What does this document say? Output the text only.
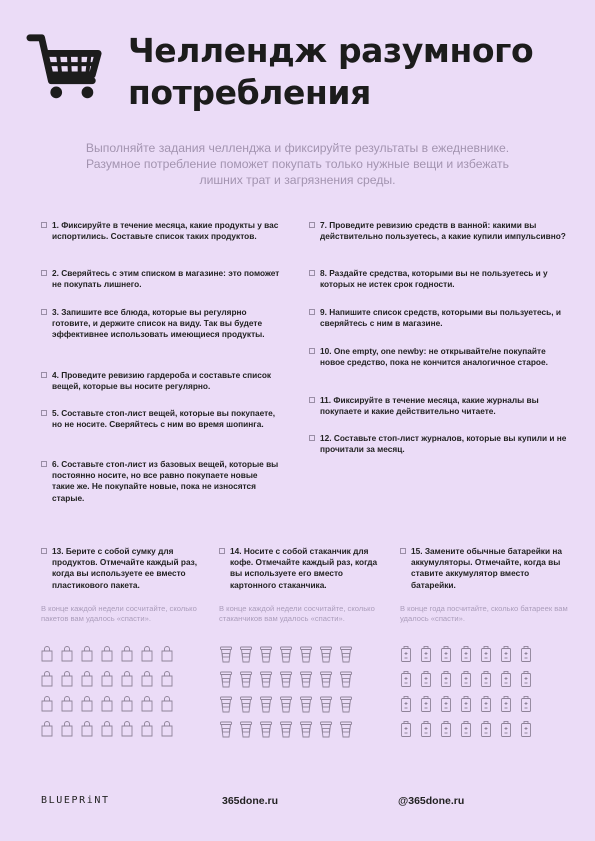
Челлендж разумного
потребления
Выполняйте задания челленджа и фиксируйте результаты в ежедневнике. Разумное потребление поможет покупать только нужные вещи и избежать лишних трат и загрязнения среды.
1. Фиксируйте в течение месяца, какие продукты у вас испортились. Составьте список таких продуктов.
2. Сверяйтесь с этим списком в магазине: это поможет не покупать лишнего.
3. Запишите все блюда, которые вы регулярно готовите, и держите список на виду. Так вы будете эффективнее использовать имеющиеся продукты.
4. Проведите ревизию гардероба и составьте список вещей, которые вы носите регулярно.
5. Составьте стоп-лист вещей, которые вы покупаете, но не носите. Сверяйтесь с ним во время шопинга.
6. Составьте стоп-лист из базовых вещей, которые вы постоянно носите, но все равно покупаете новые такие же. Не покупайте новые, пока не износятся старые.
7. Проведите ревизию средств в ванной: какими вы действительно пользуетесь, а какие купили импульсивно?
8. Раздайте средства, которыми вы не пользуетесь и у которых не истек срок годности.
9. Напишите список средств, которыми вы пользуетесь, и сверяйтесь с ним в магазине.
10. One empty, one newby: не открывайте/не покупайте новое средство, пока не кончится аналогичное старое.
11. Фиксируйте в течение месяца, какие журналы вы покупаете и какие действительно читаете.
12. Составьте стоп-лист журналов, которые вы купили и не прочитали за месяц.
13. Берите с собой сумку для продуктов. Отмечайте каждый раз, когда вы используете ее вместо пластикового пакета.
В конце каждой недели сосчитайте, сколько пакетов вам удалось «спасти».
14. Носите с собой стаканчик для кофе. Отмечайте каждый раз, когда вы используете его вместо картонного стаканчика.
В конце каждой недели сосчитайте, сколько стаканчиков вам удалось «спасти».
15. Замените обычные батарейки на аккумуляторы. Отмечайте, когда вы ставите аккумулятор вместо батарейки.
В конце года посчитайте, сколько батареек вам удалось «спасти».
BLUEPRiNT	365done.ru	@365done.ru
